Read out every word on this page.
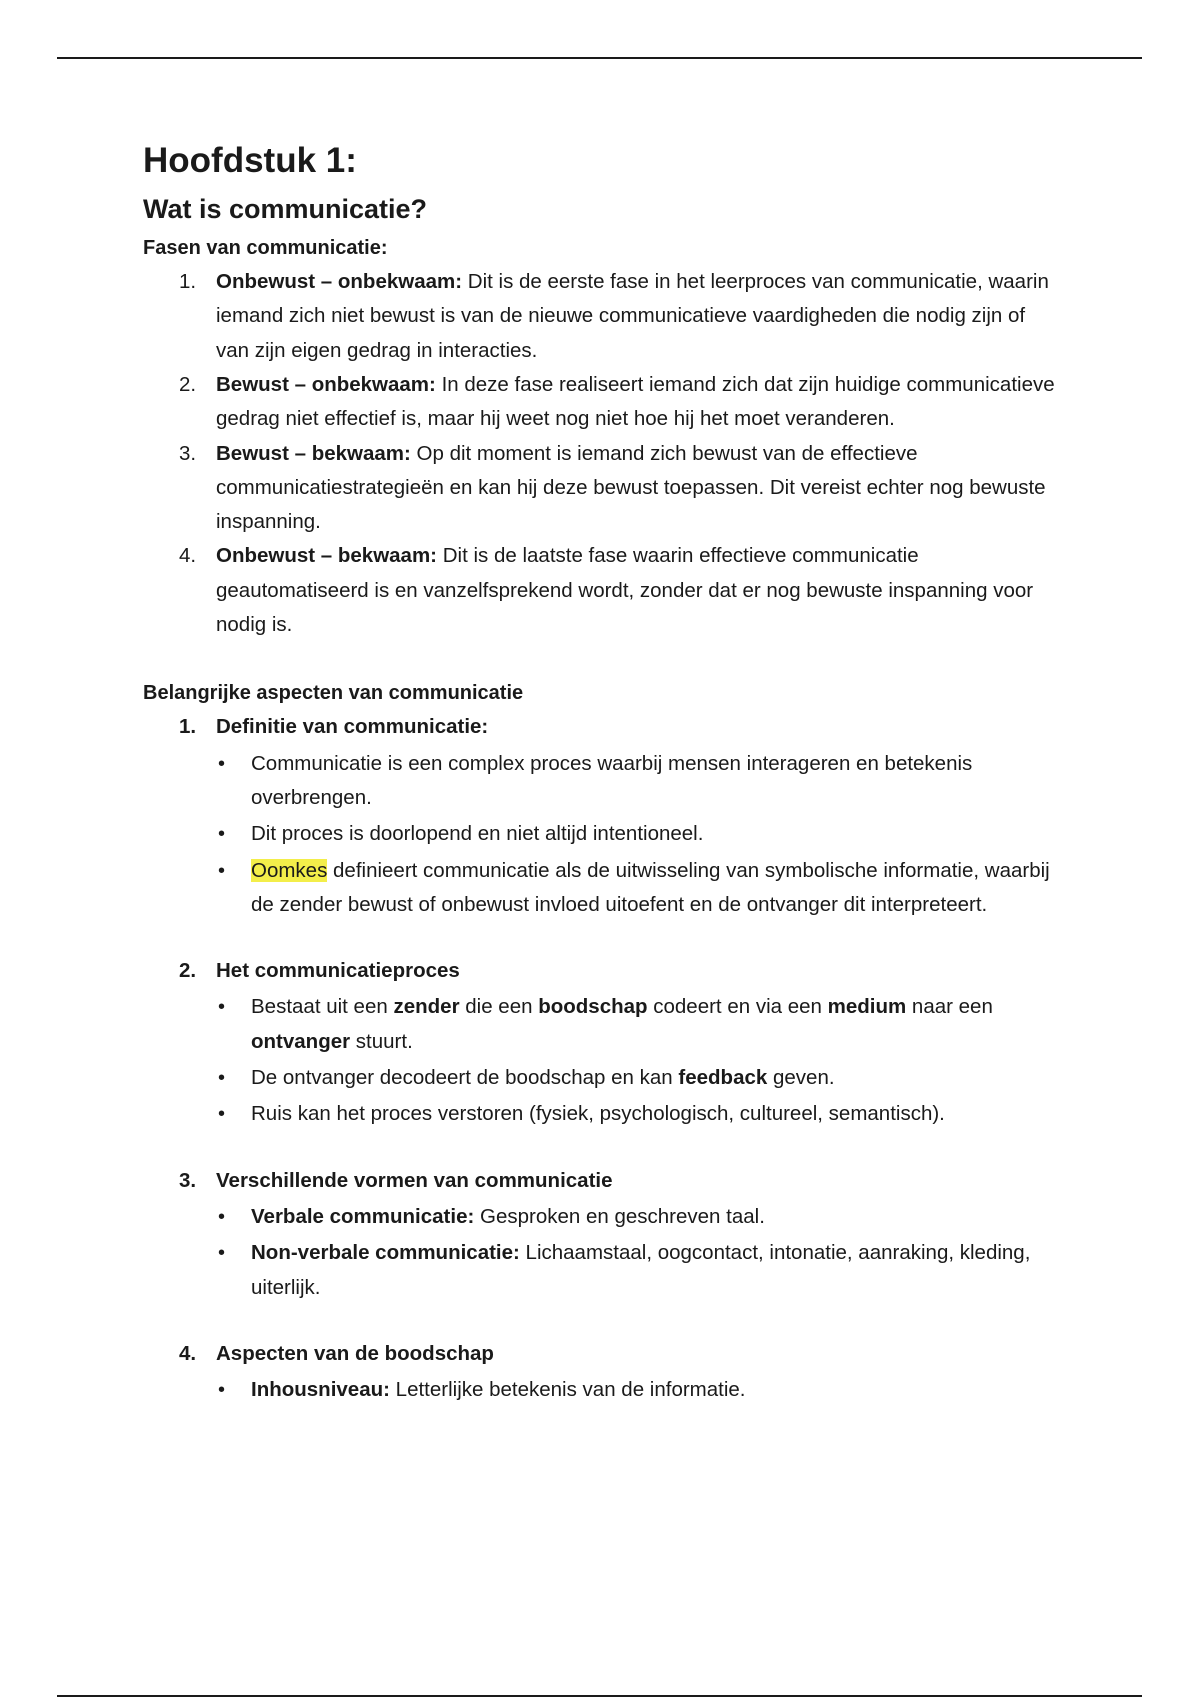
Hoofdstuk 1:
Wat is communicatie?

Fasen van communicatie:

1. Onbewust – onbekwaam: Dit is de eerste fase in het leerproces van communicatie, waarin iemand zich niet bewust is van de nieuwe communicatieve vaardigheden die nodig zijn of van zijn eigen gedrag in interacties.
2. Bewust – onbekwaam: In deze fase realiseert iemand zich dat zijn huidige communicatieve gedrag niet effectief is, maar hij weet nog niet hoe hij het moet veranderen.
3. Bewust – bekwaam: Op dit moment is iemand zich bewust van de effectieve communicatiestrategieën en kan hij deze bewust toepassen. Dit vereist echter nog bewuste inspanning.
4. Onbewust – bekwaam: Dit is de laatste fase waarin effectieve communicatie geautomatiseerd is en vanzelfsprekend wordt, zonder dat er nog bewuste inspanning voor nodig is.

Belangrijke aspecten van communicatie

1. Definitie van communicatie:
• Communicatie is een complex proces waarbij mensen interageren en betekenis overbrengen.
• Dit proces is doorlopend en niet altijd intentioneel.
• Oomkes definieert communicatie als de uitwisseling van symbolische informatie, waarbij de zender bewust of onbewust invloed uitoefent en de ontvanger dit interpreteert.
2. Het communicatieproces
• Bestaat uit een zender die een boodschap codeert en via een medium naar een ontvanger stuurt.
• De ontvanger decodeert de boodschap en kan feedback geven.
• Ruis kan het proces verstoren (fysiek, psychologisch, cultureel, semantisch).
3. Verschillende vormen van communicatie
• Verbale communicatie: Gesproken en geschreven taal.
• Non-verbale communicatie: Lichaamstaal, oogcontact, intonatie, aanraking, kleding, uiterlijk.
4. Aspecten van de boodschap
• Inhousniveau: Letterlijke betekenis van de informatie.
